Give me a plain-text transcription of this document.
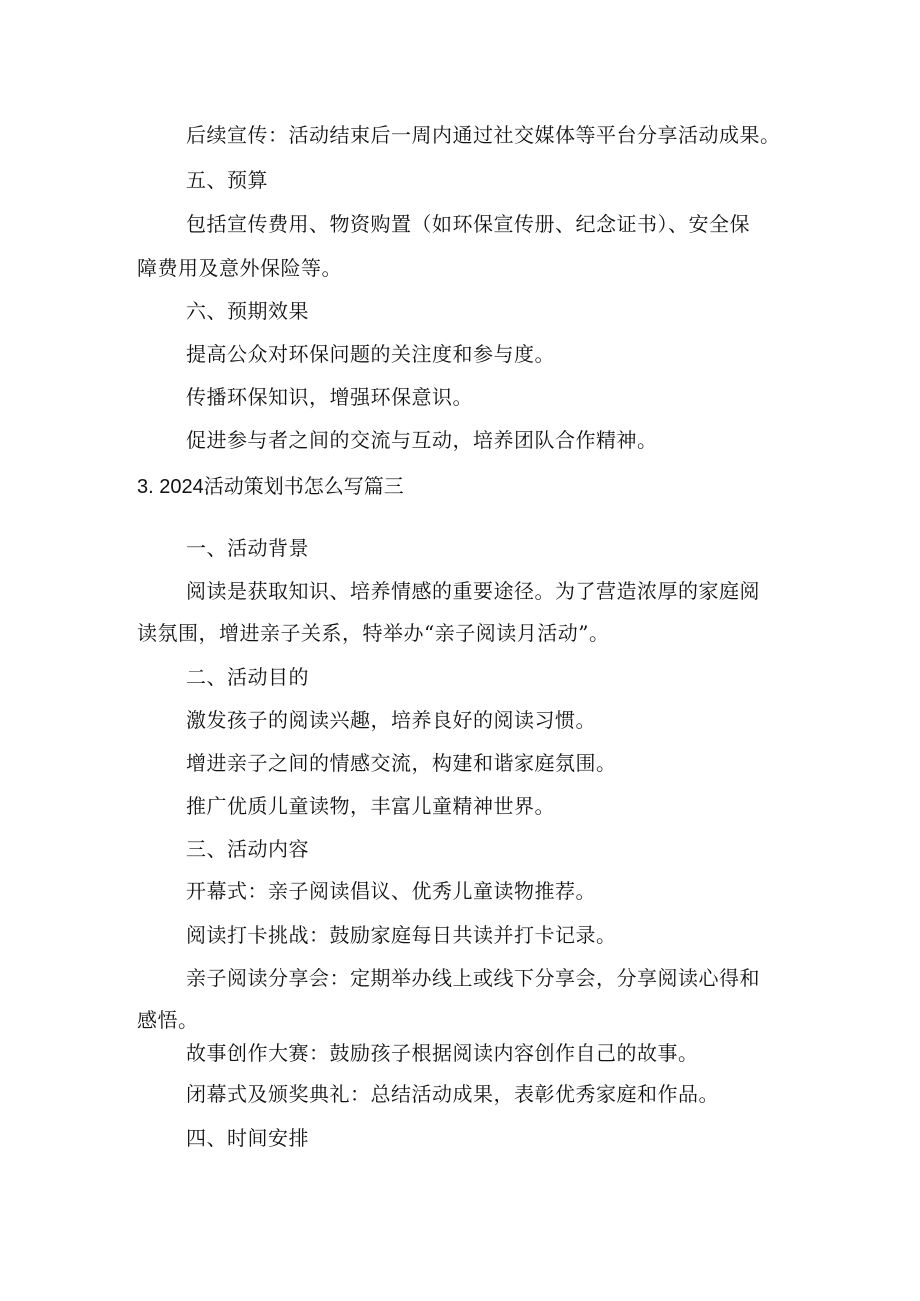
后续宣传：活动结束后一周内通过社交媒体等平台分享活动成果。
五、预算
包括宣传费用、物资购置（如环保宣传册、纪念证书）、安全保
障费用及意外保险等。
六、预期效果
提高公众对环保问题的关注度和参与度。
传播环保知识，增强环保意识。
促进参与者之间的交流与互动，培养团队合作精神。
3. 2024活动策划书怎么写篇三
一、活动背景
阅读是获取知识、培养情感的重要途径。为了营造浓厚的家庭阅
读氛围，增进亲子关系，特举办“亲子阅读月活动”。
二、活动目的
激发孩子的阅读兴趣，培养良好的阅读习惯。
增进亲子之间的情感交流，构建和谐家庭氛围。
推广优质儿童读物，丰富儿童精神世界。
三、活动内容
开幕式：亲子阅读倡议、优秀儿童读物推荐。
阅读打卡挑战：鼓励家庭每日共读并打卡记录。
亲子阅读分享会：定期举办线上或线下分享会，分享阅读心得和
感悟。
故事创作大赛：鼓励孩子根据阅读内容创作自己的故事。
闭幕式及颁奖典礼：总结活动成果，表彰优秀家庭和作品。
四、时间安排
